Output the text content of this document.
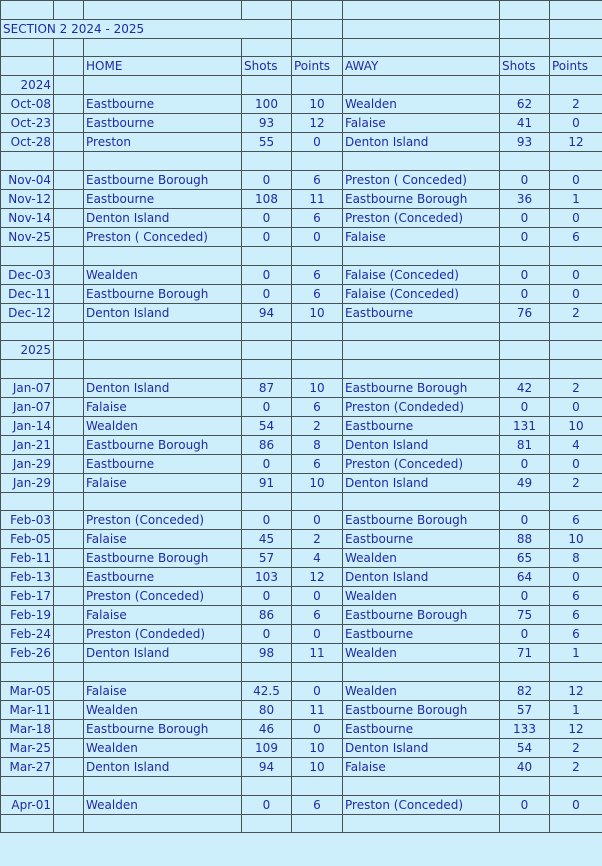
SECTION 2 2024 - 2025							

		HOME	Shots	Points	AWAY	Shots	Points
2024							
Oct-08		Eastbourne	100	10	Wealden	62	2
Oct-23		Eastbourne	93	12	Falaise	41	0
Oct-28		Preston	55	0	Denton Island	93	12

Nov-04		Eastbourne Borough	0	6	Preston ( Conceded)	0	0
Nov-12		Eastbourne	108	11	Eastbourne Borough	36	1
Nov-14		Denton Island	0	6	Preston (Conceded)	0	0
Nov-25		Preston ( Conceded)	0	0	Falaise	0	6

Dec-03		Wealden	0	6	Falaise (Conceded)	0	0
Dec-11		Eastbourne Borough	0	6	Falaise (Conceded)	0	0
Dec-12		Denton Island	94	10	Eastbourne	76	2

2025							

Jan-07		Denton Island	87	10	Eastbourne Borough	42	2
Jan-07		Falaise	0	6	Preston (Condeded)	0	0
Jan-14		Wealden	54	2	Eastbourne	131	10
Jan-21		Eastbourne Borough	86	8	Denton Island	81	4
Jan-29		Eastbourne	0	6	Preston (Conceded)	0	0
Jan-29		Falaise	91	10	Denton Island	49	2

Feb-03		Preston (Conceded)	0	0	Eastbourne Borough	0	6
Feb-05		Falaise	45	2	Eastbourne	88	10
Feb-11		Eastbourne Borough	57	4	Wealden	65	8
Feb-13		Eastbourne	103	12	Denton Island	64	0
Feb-17		Preston (Conceded)	0	0	Wealden	0	6
Feb-19		Falaise	86	6	Eastbourne Borough	75	6
Feb-24		Preston (Condeded)	0	0	Eastbourne	0	6
Feb-26		Denton Island	98	11	Wealden	71	1

Mar-05		Falaise	42.5	0	Wealden	82	12
Mar-11		Wealden	80	11	Eastbourne Borough	57	1
Mar-18		Eastbourne Borough	46	0	Eastbourne	133	12
Mar-25		Wealden	109	10	Denton Island	54	2
Mar-27		Denton Island	94	10	Falaise	40	2

Apr-01		Wealden	0	6	Preston (Conceded)	0	0
